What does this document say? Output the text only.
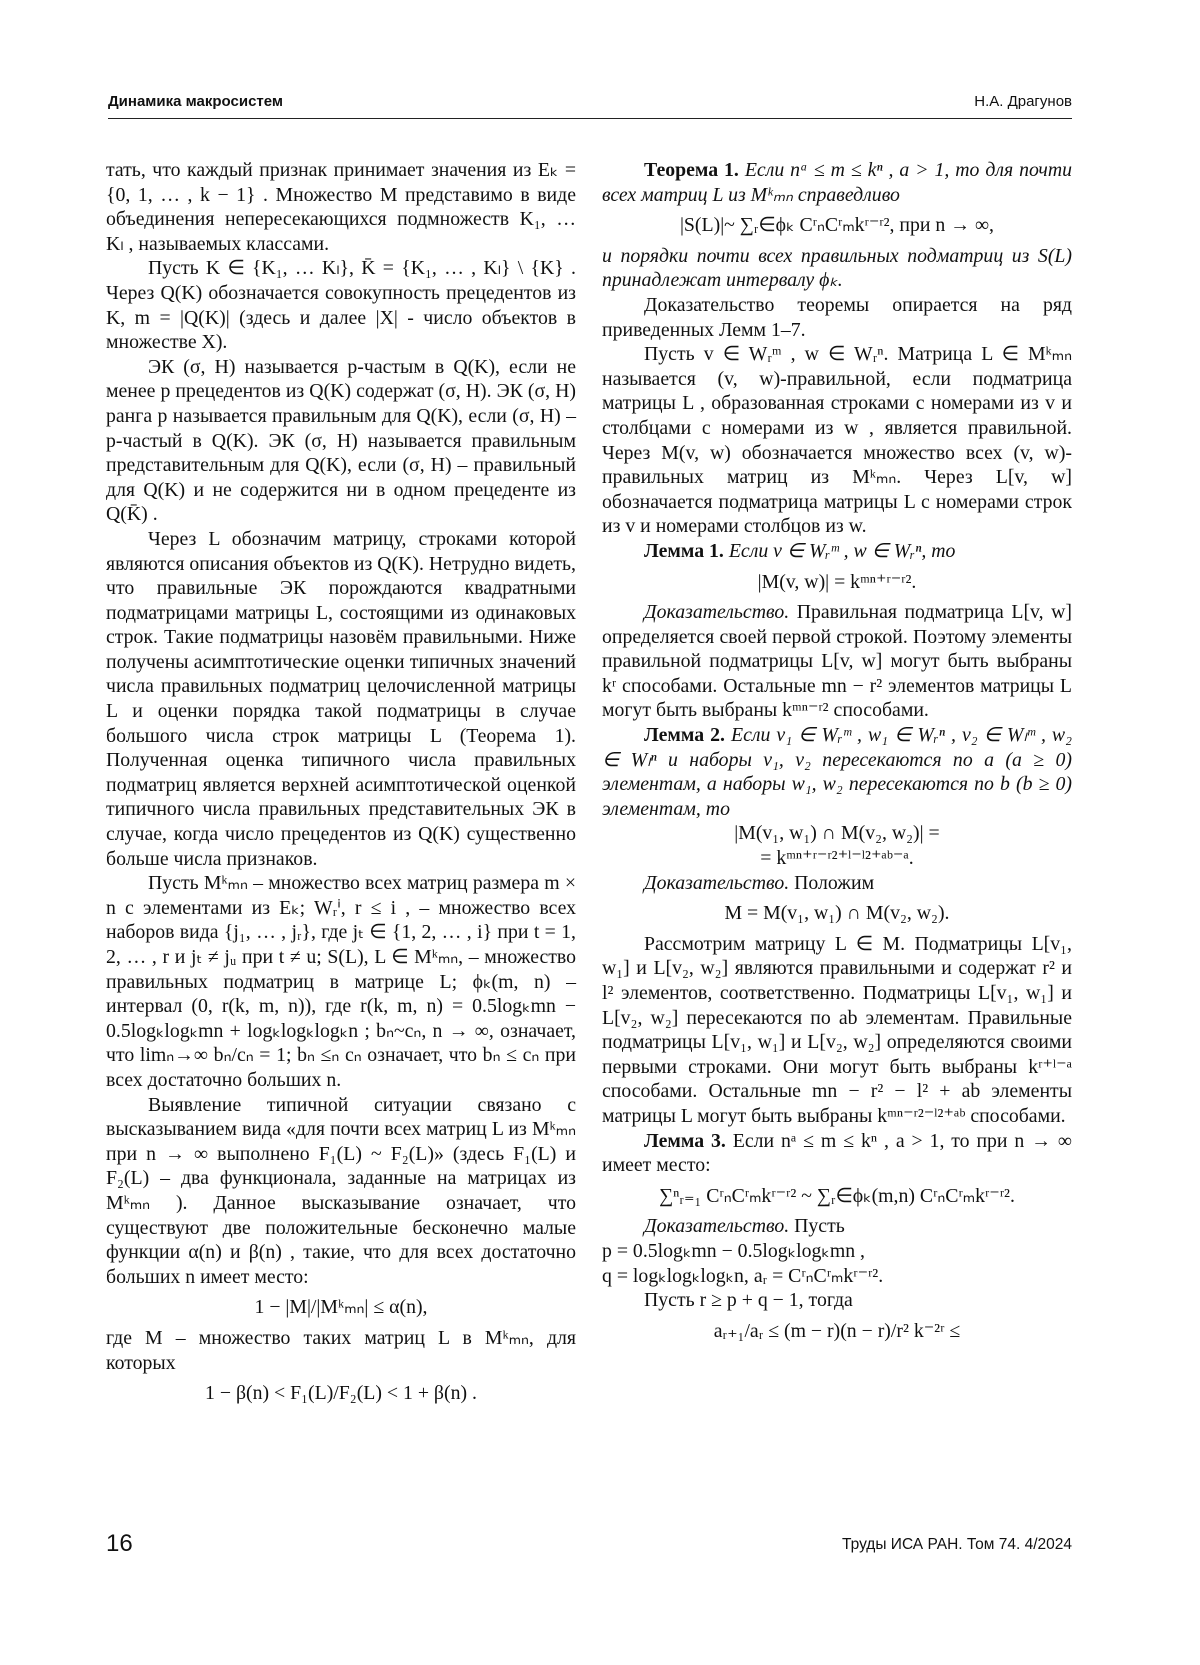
Динамика макросистем	Н.А. Драгунов

тать, что каждый признак принимает значения из Eₖ = {0, 1, … , k − 1} . Множество M представимо в виде объединения непересекающихся подмножеств K₁, … Kₗ , называемых классами.

Пусть K ∈ {K₁, … Kₗ}, K̄ = {K₁, … , Kₗ} \ {K} . Через Q(K) обозначается совокупность прецедентов из K, m = |Q(K)| (здесь и далее |X| - число объектов в множестве X).

ЭК (σ, H) называется p-частым в Q(K), если не менее p прецедентов из Q(K) содержат (σ, H). ЭК (σ, H) ранга p называется правильным для Q(K), если (σ, H) – p-частый в Q(K). ЭК (σ, H) называется правильным представительным для Q(K), если (σ, H) – правильный для Q(K) и не содержится ни в одном прецеденте из Q(K̄) .

Через L обозначим матрицу, строками которой являются описания объектов из Q(K). Нетрудно видеть, что правильные ЭК порождаются квадратными подматрицами матрицы L, состоящими из одинаковых строк. Такие подматрицы назовём правильными. Ниже получены асимптотические оценки типичных значений числа правильных подматриц целочисленной матрицы L и оценки порядка такой подматрицы в случае большого числа строк матрицы L (Теорема 1). Полученная оценка типичного числа правильных подматриц является верхней асимптотической оценкой типичного числа правильных представительных ЭК в случае, когда число прецедентов из Q(K) существенно больше числа признаков.

Пусть Mᵏₘₙ – множество всех матриц размера m × n с элементами из Eₖ; Wᵣⁱ, r ≤ i , – множество всех наборов вида {j₁, … , jᵣ}, где jₜ ∈ {1, 2, … , i} при t = 1, 2, … , r и jₜ ≠ jᵤ при t ≠ u; S(L), L ∈ Mᵏₘₙ, – множество правильных подматриц в матрице L; ϕₖ(m, n) – интервал (0, r(k, m, n)), где r(k, m, n) = 0.5logₖmn − 0.5logₖlogₖmn + logₖlogₖlogₖn ; bₙ~cₙ, n → ∞, означает, что limₙ→∞ bₙ/cₙ = 1; bₙ ≤ₙ cₙ означает, что bₙ ≤ cₙ при всех достаточно больших n.

Выявление типичной ситуации связано с высказыванием вида «для почти всех матриц L из Mᵏₘₙ при n → ∞ выполнено F₁(L) ~ F₂(L)» (здесь F₁(L) и F₂(L) – два функционала, заданные на матрицах из Mᵏₘₙ ). Данное высказывание означает, что существуют две положительные бесконечно малые функции α(n) и β(n) , такие, что для всех достаточно больших n имеет место:

1 − |M|/|Mᵏₘₙ| ≤ α(n),

где M – множество таких матриц L в Mᵏₘₙ, для которых

1 − β(n) < F₁(L)/F₂(L) < 1 + β(n) .

Теорема 1. Если nᵃ ≤ m ≤ kⁿ , a > 1, то для почти всех матриц L из Mᵏₘₙ справедливо

|S(L)|~ ∑ᵣ∈ϕₖ CʳₙCʳₘkʳ⁻ʳ², при n → ∞,

и порядки почти всех правильных подматриц из S(L) принадлежат интервалу ϕₖ.

Доказательство теоремы опирается на ряд приведенных Лемм 1–7.

Пусть v ∈ Wᵣᵐ , w ∈ Wᵣⁿ. Матрица L ∈ Mᵏₘₙ называется (v, w)-правильной, если подматрица матрицы L , образованная строками с номерами из v и столбцами с номерами из w , является правильной. Через M(v, w) обозначается множество всех (v, w)-правильных матриц из Mᵏₘₙ. Через L[v, w] обозначается подматрица матрицы L с номерами строк из v и номерами столбцов из w.

Лемма 1. Если v ∈ Wᵣᵐ , w ∈ Wᵣⁿ, то

|M(v, w)| = kᵐⁿ⁺ʳ⁻ʳ².

Доказательство. Правильная подматрица L[v, w] определяется своей первой строкой. Поэтому элементы правильной подматрицы L[v, w] могут быть выбраны kʳ способами. Остальные mn − r² элементов матрицы L могут быть выбраны kᵐⁿ⁻ʳ² способами.

Лемма 2. Если v₁ ∈ Wᵣᵐ , w₁ ∈ Wᵣⁿ , v₂ ∈ Wₗᵐ , w₂ ∈ Wₗⁿ и наборы v₁, v₂ пересекаются по a (a ≥ 0) элементам, а наборы w₁, w₂ пересекаются по b (b ≥ 0) элементам, то

|M(v₁, w₁) ∩ M(v₂, w₂)| =

= kᵐⁿ⁺ʳ⁻ʳ²⁺ˡ⁻ˡ²⁺ᵃᵇ⁻ᵃ.

Доказательство. Положим

M = M(v₁, w₁) ∩ M(v₂, w₂).

Рассмотрим матрицу L ∈ M. Подматрицы L[v₁, w₁] и L[v₂, w₂] являются правильными и содержат r² и l² элементов, соответственно. Подматрицы L[v₁, w₁] и L[v₂, w₂] пересекаются по ab элементам. Правильные подматрицы L[v₁, w₁] и L[v₂, w₂] определяются своими первыми строками. Они могут быть выбраны kʳ⁺ˡ⁻ᵃ способами. Остальные mn − r² − l² + ab элементы матрицы L могут быть выбраны kᵐⁿ⁻ʳ²⁻ˡ²⁺ᵃᵇ способами.

Лемма 3. Если nᵃ ≤ m ≤ kⁿ , a > 1, то при n → ∞ имеет место:

∑ⁿᵣ₌₁ CʳₙCʳₘkʳ⁻ʳ² ~ ∑ᵣ∈ϕₖ(m,n) CʳₙCʳₘkʳ⁻ʳ².

Доказательство. Пусть

p = 0.5logₖmn − 0.5logₖlogₖmn ,

q = logₖlogₖlogₖn, aᵣ = CʳₙCʳₘkʳ⁻ʳ².

Пусть r ≥ p + q − 1, тогда

aᵣ₊₁/aᵣ ≤ (m − r)(n − r)/r² k⁻²ʳ ≤

16	Труды ИСА РАН. Том 74. 4/2024
